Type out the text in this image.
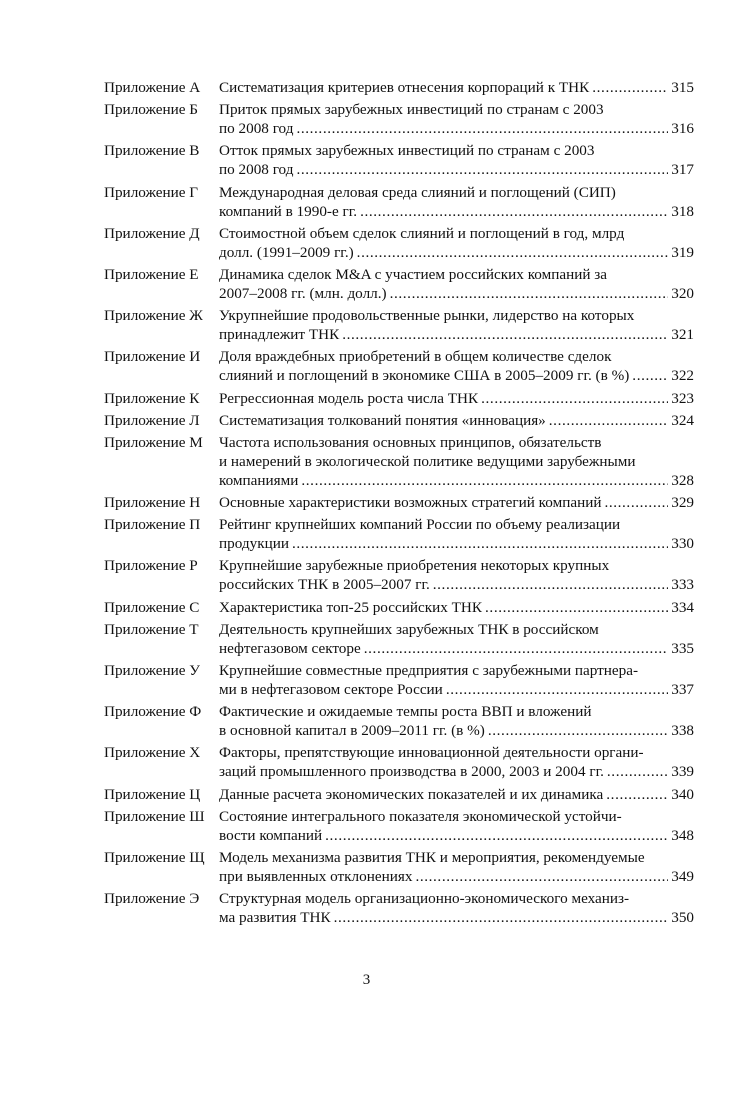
Приложение А	Систематизация критериев отнесения корпораций к ТНК .....	315
Приложение Б	Приток прямых зарубежных инвестиций по странам с 2003
по 2008 год .....	316
Приложение В	Отток прямых зарубежных инвестиций по странам с 2003
по 2008 год .....	317
Приложение Г	Международная деловая среда слияний и поглощений (СИП)
компаний в 1990-е гг. .....	318
Приложение Д	Стоимостной объем сделок слияний и поглощений в год, млрд
долл. (1991–2009 гг.) .....	319
Приложение Е	Динамика сделок M&A с участием российских компаний за
2007–2008 гг. (млн. долл.) .....	320
Приложение Ж	Укрупнейшие продовольственные рынки, лидерство на которых
принадлежит ТНК .....	321
Приложение И	Доля враждебных приобретений в общем количестве сделок
слияний и поглощений в экономике США в 2005–2009 гг. (в %) .....	322
Приложение К	Регрессионная модель роста числа ТНК .....	323
Приложение Л	Систематизация толкований понятия «инновация» .....	324
Приложение М	Частота использования основных принципов, обязательств
и намерений в экологической политике ведущими зарубежными
компаниями .....	328
Приложение Н	Основные характеристики возможных стратегий компаний .....	329
Приложение П	Рейтинг крупнейших компаний России по объему реализации
продукции .....	330
Приложение Р	Крупнейшие зарубежные приобретения некоторых крупных
российских ТНК в 2005–2007 гг. .....	333
Приложение С	Характеристика топ-25 российских ТНК .....	334
Приложение Т	Деятельность крупнейших зарубежных ТНК в российском
нефтегазовом секторе .....	335
Приложение У	Крупнейшие совместные предприятия с зарубежными партнера-
ми в нефтегазовом секторе России .....	337
Приложение Ф	Фактические и ожидаемые темпы роста ВВП и вложений
в основной капитал в 2009–2011 гг. (в %) .....	338
Приложение Х	Факторы, препятствующие инновационной деятельности органи-
заций промышленного производства в 2000, 2003 и 2004 гг. .....	339
Приложение Ц	Данные расчета экономических показателей и их динамика .....	340
Приложение Ш Состояние интегрального показателя экономической устойчи-
вости компаний .....	348
Приложение Щ Модель механизма развития ТНК и мероприятия, рекомендуемые
при выявленных отклонениях .....	349
Приложение Э	Структурная модель организационно-экономического механиз-
ма развития ТНК .....	350
3
